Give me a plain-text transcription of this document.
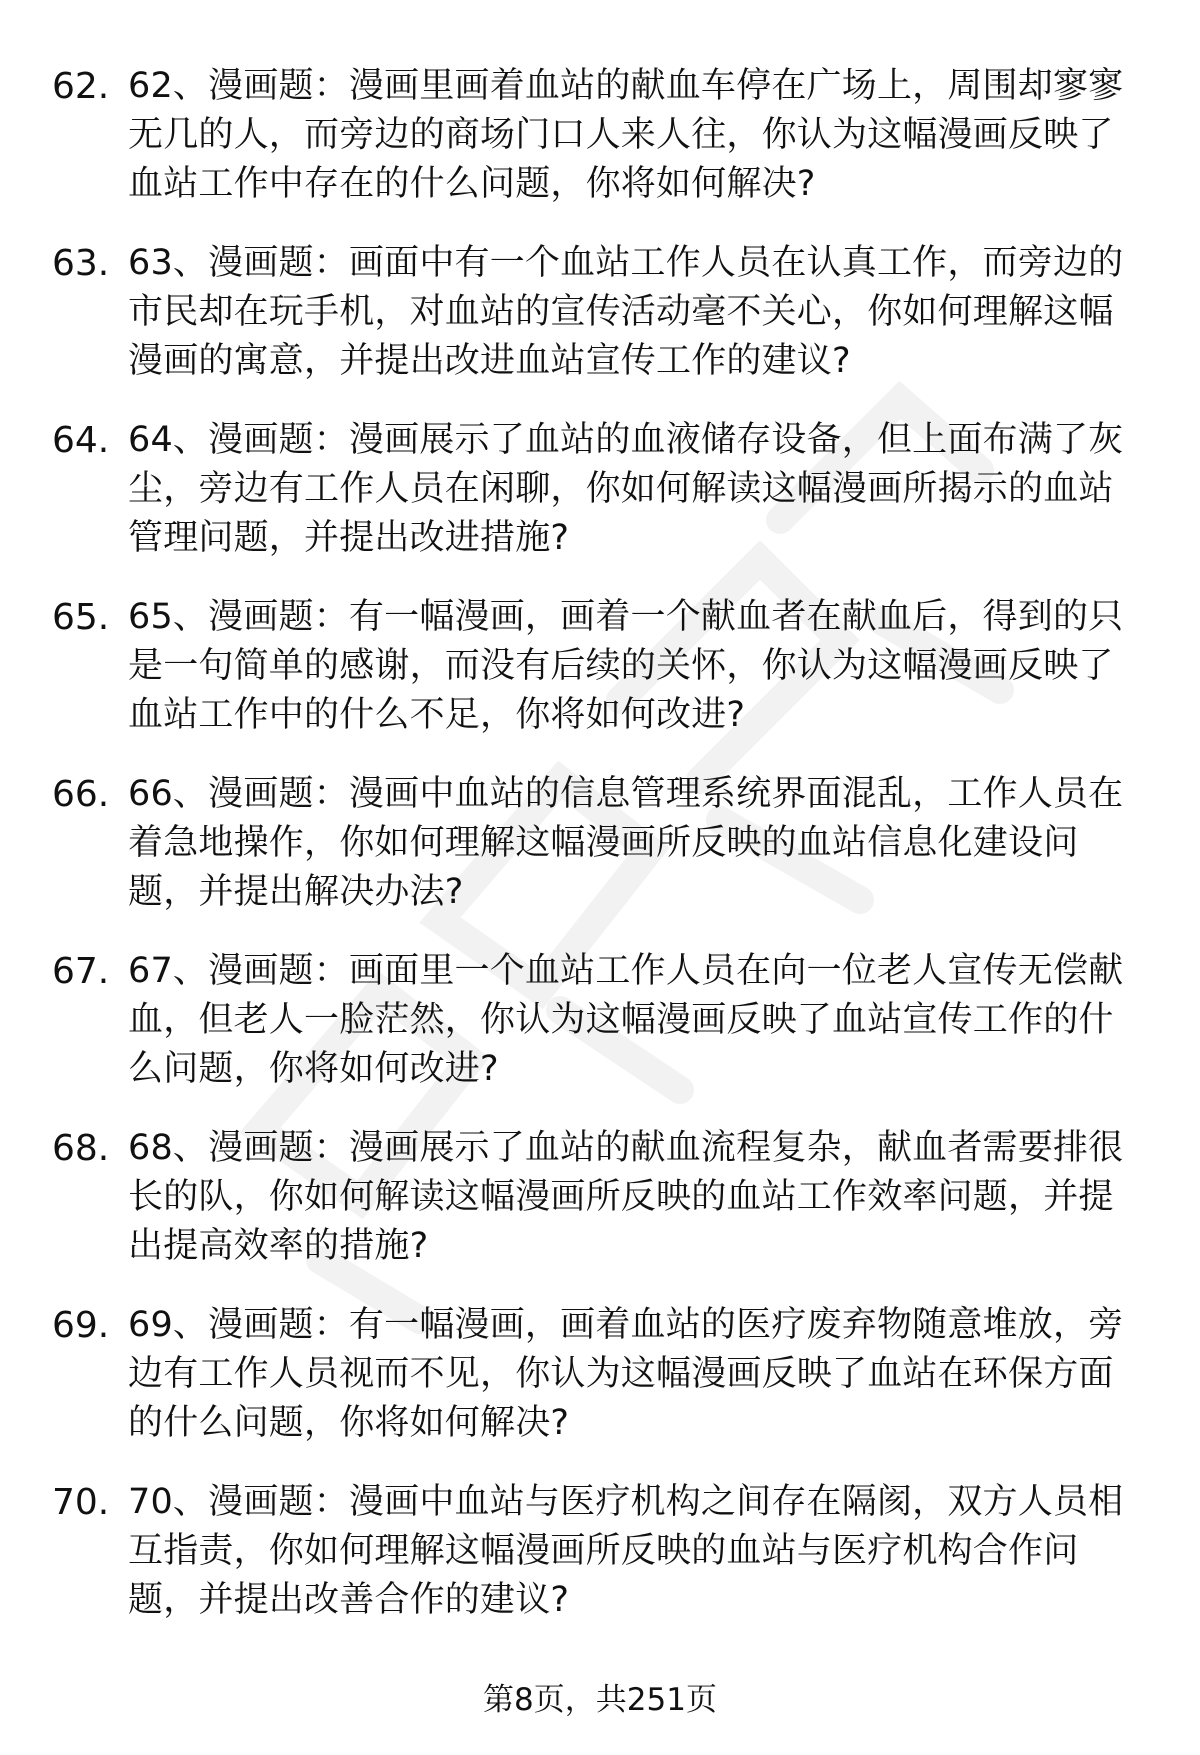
62. 62、漫画题：漫画里画着血站的献血车停在广场上，周围却寥寥无几的人，而旁边的商场门口人来人往，你认为这幅漫画反映了血站工作中存在的什么问题，你将如何解决?
63. 63、漫画题：画面中有一个血站工作人员在认真工作，而旁边的市民却在玩手机，对血站的宣传活动毫不关心，你如何理解这幅漫画的寓意，并提出改进血站宣传工作的建议?
64. 64、漫画题：漫画展示了血站的血液储存设备，但上面布满了灰尘，旁边有工作人员在闲聊，你如何解读这幅漫画所揭示的血站管理问题，并提出改进措施?
65. 65、漫画题：有一幅漫画，画着一个献血者在献血后，得到的只是一句简单的感谢，而没有后续的关怀，你认为这幅漫画反映了血站工作中的什么不足，你将如何改进?
66. 66、漫画题：漫画中血站的信息管理系统界面混乱，工作人员在着急地操作，你如何理解这幅漫画所反映的血站信息化建设问题，并提出解决办法?
67. 67、漫画题：画面里一个血站工作人员在向一位老人宣传无偿献血，但老人一脸茫然，你认为这幅漫画反映了血站宣传工作的什么问题，你将如何改进?
68. 68、漫画题：漫画展示了血站的献血流程复杂，献血者需要排很长的队，你如何解读这幅漫画所反映的血站工作效率问题，并提出提高效率的措施?
69. 69、漫画题：有一幅漫画，画着血站的医疗废弃物随意堆放，旁边有工作人员视而不见，你认为这幅漫画反映了血站在环保方面的什么问题，你将如何解决?
70. 70、漫画题：漫画中血站与医疗机构之间存在隔阂，双方人员相互指责，你如何理解这幅漫画所反映的血站与医疗机构合作问题，并提出改善合作的建议?
第8页，共251页
